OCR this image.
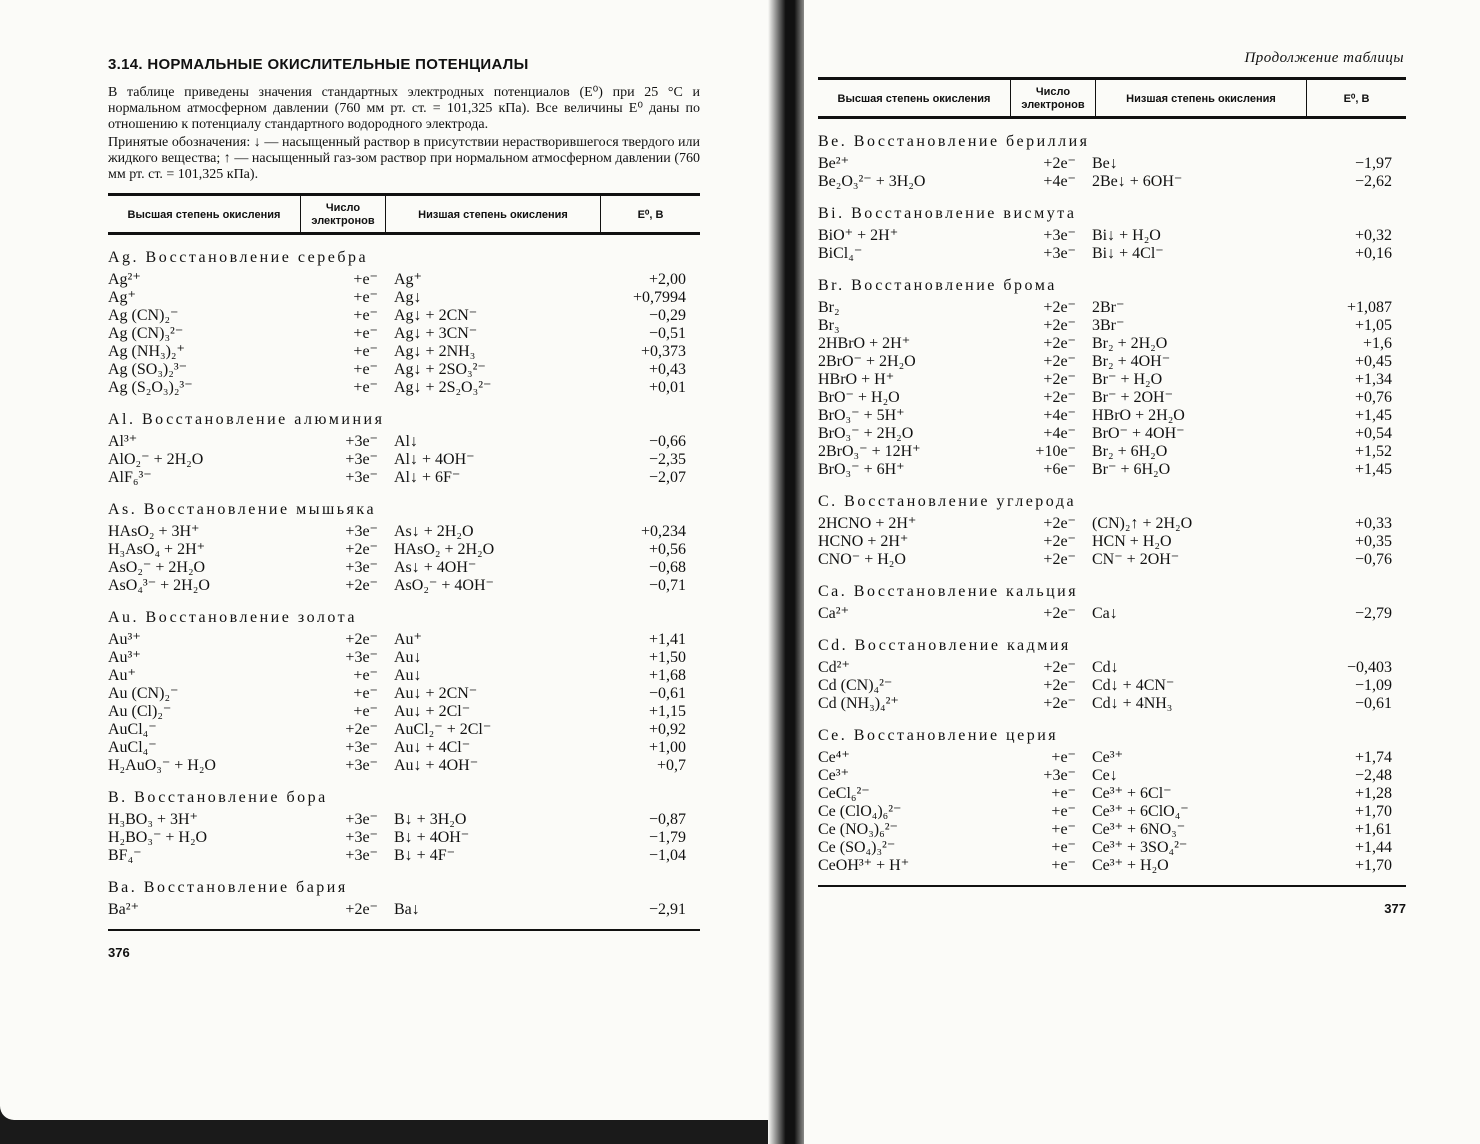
3.14. НОРМАЛЬНЫЕ ОКИСЛИТЕЛЬНЫЕ ПОТЕНЦИАЛЫ

В таблице приведены значения стандартных электродных потенциалов (E⁰) при 25 °C и нормальном атмосферном давлении (760 мм рт. ст. = 101,325 кПа). Все величины E⁰ даны по отношению к потенциалу стандартного водородного электрода.

Принятые обозначения: ↓ — насыщенный раствор в присутствии нерастворившегося твердого или жидкого вещества; ↑ — насыщенный газ-зом раствор при нормальном атмосферном давлении (760 мм рт. ст. = 101,325 кПа).

Высшая степень окисления	Число электронов	Низшая степень окисления	E⁰, В
Ag. Восстановление серебра
Ag²⁺	+e⁻	Ag⁺	+2,00
Ag⁺	+e⁻	Ag↓	+0,7994
Ag (CN)₂⁻	+e⁻	Ag↓ + 2CN⁻	−0,29
Ag (CN)₃²⁻	+e⁻	Ag↓ + 3CN⁻	−0,51
Ag (NH₃)₂⁺	+e⁻	Ag↓ + 2NH₃	+0,373
Ag (SO₃)₂³⁻	+e⁻	Ag↓ + 2SO₃²⁻	+0,43
Ag (S₂O₃)₂³⁻	+e⁻	Ag↓ + 2S₂O₃²⁻	+0,01
Al. Восстановление алюминия
Al³⁺	+3e⁻	Al↓	−0,66
AlO₂⁻ + 2H₂O	+3e⁻	Al↓ + 4OH⁻	−2,35
AlF₆³⁻	+3e⁻	Al↓ + 6F⁻	−2,07
As. Восстановление мышьяка
HAsO₂ + 3H⁺	+3e⁻	As↓ + 2H₂O	+0,234
H₃AsO₄ + 2H⁺	+2e⁻	HAsO₂ + 2H₂O	+0,56
AsO₂⁻ + 2H₂O	+3e⁻	As↓ + 4OH⁻	−0,68
AsO₄³⁻ + 2H₂O	+2e⁻	AsO₂⁻ + 4OH⁻	−0,71
Au. Восстановление золота
Au³⁺	+2e⁻	Au⁺	+1,41
Au³⁺	+3e⁻	Au↓	+1,50
Au⁺	+e⁻	Au↓	+1,68
Au (CN)₂⁻	+e⁻	Au↓ + 2CN⁻	−0,61
Au (Cl)₂⁻	+e⁻	Au↓ + 2Cl⁻	+1,15
AuCl₄⁻	+2e⁻	AuCl₂⁻ + 2Cl⁻	+0,92
AuCl₄⁻	+3e⁻	Au↓ + 4Cl⁻	+1,00
H₂AuO₃⁻ + H₂O	+3e⁻	Au↓ + 4OH⁻	+0,7
B. Восстановление бора
H₃BO₃ + 3H⁺	+3e⁻	B↓ + 3H₂O	−0,87
H₂BO₃⁻ + H₂O	+3e⁻	B↓ + 4OH⁻	−1,79
BF₄⁻	+3e⁻	B↓ + 4F⁻	−1,04
Ba. Восстановление бария
Ba²⁺	+2e⁻	Ba↓	−2,91
376
Продолжение таблицы
Высшая степень окисления	Число электронов	Низшая степень окисления	E⁰, В
Be. Восстановление бериллия
Be²⁺	+2e⁻	Be↓	−1,97
Be₂O₃²⁻ + 3H₂O	+4e⁻	2Be↓ + 6OH⁻	−2,62
Bi. Восстановление висмута
BiO⁺ + 2H⁺	+3e⁻	Bi↓ + H₂O	+0,32
BiCl₄⁻	+3e⁻	Bi↓ + 4Cl⁻	+0,16
Br. Восстановление брома
Br₂	+2e⁻	2Br⁻	+1,087
Br₃	+2e⁻	3Br⁻	+1,05
2HBrO + 2H⁺	+2e⁻	Br₂ + 2H₂O	+1,6
2BrO⁻ + 2H₂O	+2e⁻	Br₂ + 4OH⁻	+0,45
HBrO + H⁺	+2e⁻	Br⁻ + H₂O	+1,34
BrO⁻ + H₂O	+2e⁻	Br⁻ + 2OH⁻	+0,76
BrO₃⁻ + 5H⁺	+4e⁻	HBrO + 2H₂O	+1,45
BrO₃⁻ + 2H₂O	+4e⁻	BrO⁻ + 4OH⁻	+0,54
2BrO₃⁻ + 12H⁺	+10e⁻	Br₂ + 6H₂O	+1,52
BrO₃⁻ + 6H⁺	+6e⁻	Br⁻ + 6H₂O	+1,45
C. Восстановление углерода
2HCNO + 2H⁺	+2e⁻	(CN)₂↑ + 2H₂O	+0,33
HCNO + 2H⁺	+2e⁻	HCN + H₂O	+0,35
CNO⁻ + H₂O	+2e⁻	CN⁻ + 2OH⁻	−0,76
Ca. Восстановление кальция
Ca²⁺	+2e⁻	Ca↓	−2,79
Cd. Восстановление кадмия
Cd²⁺	+2e⁻	Cd↓	−0,403
Cd (CN)₄²⁻	+2e⁻	Cd↓ + 4CN⁻	−1,09
Cd (NH₃)₄²⁺	+2e⁻	Cd↓ + 4NH₃	−0,61
Ce. Восстановление церия
Ce⁴⁺	+e⁻	Ce³⁺	+1,74
Ce³⁺	+3e⁻	Ce↓	−2,48
CeCl₆²⁻	+e⁻	Ce³⁺ + 6Cl⁻	+1,28
Ce (ClO₄)₆²⁻	+e⁻	Ce³⁺ + 6ClO₄⁻	+1,70
Ce (NO₃)₆²⁻	+e⁻	Ce³⁺ + 6NO₃⁻	+1,61
Ce (SO₄)₃²⁻	+e⁻	Ce³⁺ + 3SO₄²⁻	+1,44
CeOH³⁺ + H⁺	+e⁻	Ce³⁺ + H₂O	+1,70
377
